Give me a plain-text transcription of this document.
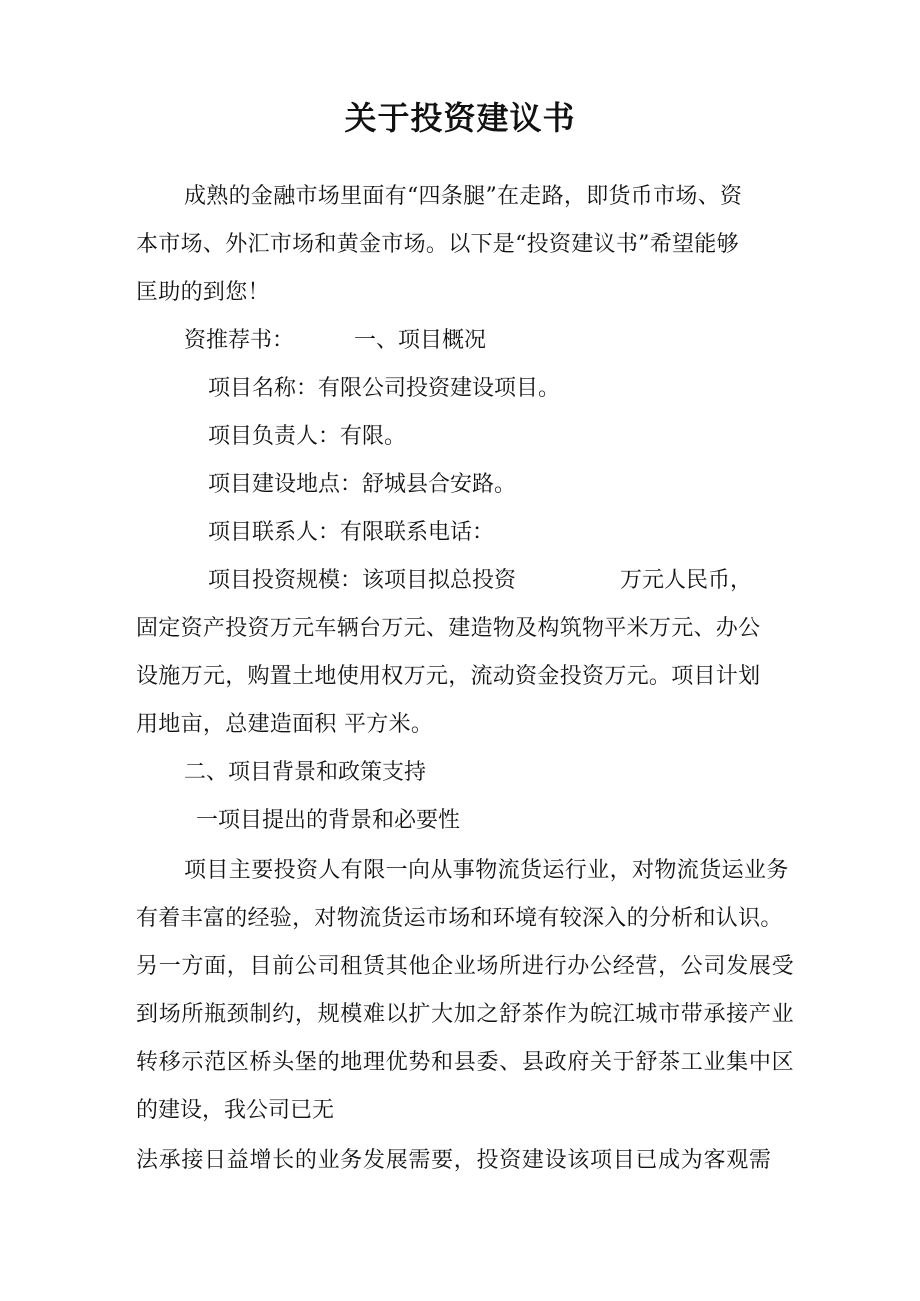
关于投资建议书

成熟的金融市场里面有“四条腿”在走路，即货币市场、资

本市场、外汇市场和黄金市场。以下是“投资建议书”希望能够

匡助的到您！

资推荐书：	一、项目概况

项目名称：有限公司投资建设项目。

项目负责人：有限。

项目建设地点：舒城县合安路。

项目联系人：有限联系电话：

项目投资规模：该项目拟总投资	万元人民币，

固定资产投资万元车辆台万元、建造物及构筑物平米万元、办公

设施万元，购置土地使用权万元，流动资金投资万元。项目计划

用地亩，总建造面积 平方米。

二、项目背景和政策支持

一项目提出的背景和必要性

项目主要投资人有限一向从事物流货运行业，对物流货运业务

有着丰富的经验，对物流货运市场和环境有较深入的分析和认识。

另一方面，目前公司租赁其他企业场所进行办公经营，公司发展受

到场所瓶颈制约，规模难以扩大加之舒茶作为皖江城市带承接产业

转移示范区桥头堡的地理优势和县委、县政府关于舒茶工业集中区

的建设，我公司已无

法承接日益增长的业务发展需要，投资建设该项目已成为客观需
